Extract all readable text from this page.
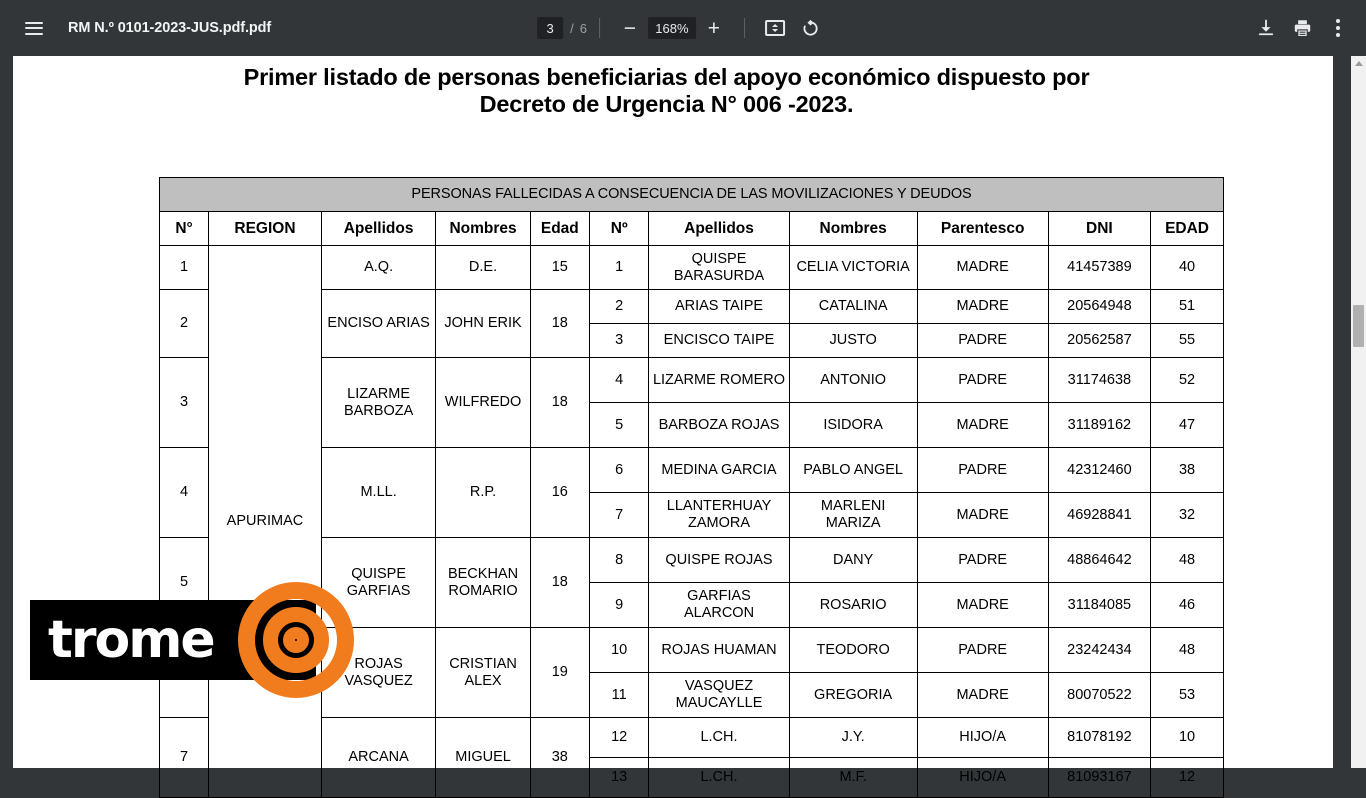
RM N.º 0101-2023-JUS.pdf.pdf
3	/ 6 −	168% +
Primer listado de personas beneficiarias del apoyo económico dispuesto por
Decreto de Urgencia N° 006 -2023.
PERSONAS FALLECIDAS A CONSECUENCIA DE LAS MOVILIZACIONES Y DEUDOS										
N°	REGION	Apellidos	Nombres	Edad	Nº	Apellidos	Nombres	Parentesco	DNI	EDAD
1	APURIMAC	A.Q.	D.E.	15	1	QUISPE BARASURDA	CELIA VICTORIA	MADRE	41457389	40
2		ENCISO ARIAS	JOHN ERIK	18	2	ARIAS TAIPE	CATALINA	MADRE	20564948	51
					3	ENCISCO TAIPE	JUSTO	PADRE	20562587	55
3		LIZARME BARBOZA	WILFREDO	18	4	LIZARME ROMERO	ANTONIO	PADRE	31174638	52
					5	BARBOZA ROJAS	ISIDORA	MADRE	31189162	47
4		M.LL.	R.P.	16	6	MEDINA GARCIA	PABLO ANGEL	PADRE	42312460	38
					7	LLANTERHUAY ZAMORA	MARLENI MARIZA	MADRE	46928841	32
5		QUISPE GARFIAS	BECKHAN ROMARIO	18	8	QUISPE ROJAS	DANY	PADRE	48864642	48
					9	GARFIAS ALARCON	ROSARIO	MADRE	31184085	46
		ROJAS VASQUEZ	CRISTIAN ALEX	19	10	ROJAS HUAMAN	TEODORO	PADRE	23242434	48
					11	VASQUEZ MAUCAYLLE	GREGORIA	MADRE	80070522	53
7		ARCANA	MIGUEL	38	12	L.CH.	J.Y.	HIJO/A	81078192	10
					13	L.CH.	M.F.	HIJO/A	81093167	12
trome
